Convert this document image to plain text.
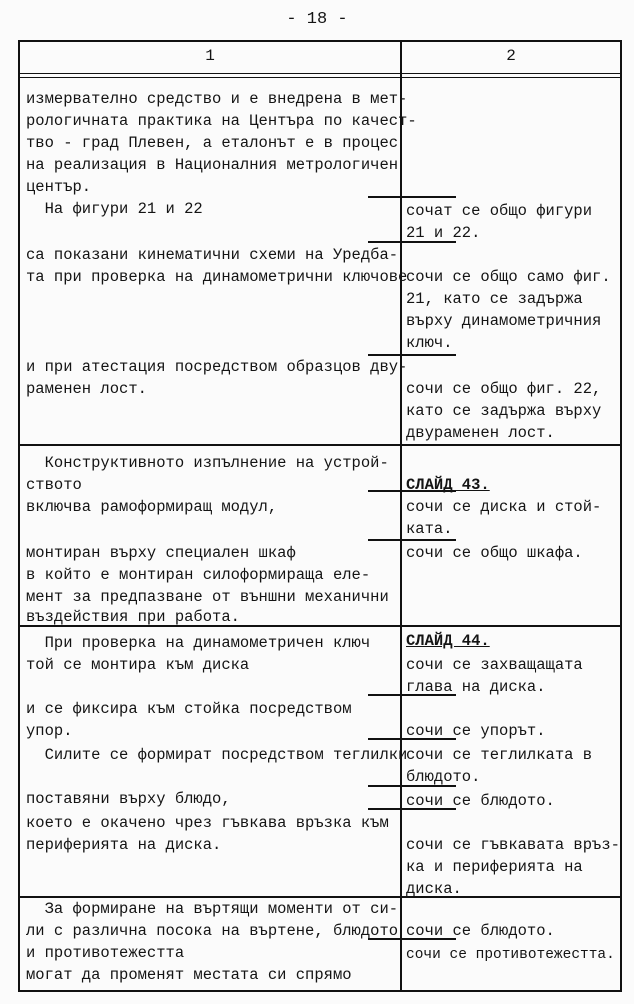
- 18 -
1	2
измервателно средство и е внедрена в мет-
рологичната практика на Центъра по качест-
тво - град Плевен, а еталонът е в процес
на реализация в Националния метрологичен
център.
На фигури 21 и 22
са показани кинематични схеми на Уредба-
та при проверка на динамометрични ключове
и при атестация посредством образцов дву-
раменен лост.
Конструктивното изпълнение на устрой-
ството
включва рамоформиращ модул,
монтиран върху специален шкаф
в който е монтиран силоформираща еле-
мент за предпазване от външни механични
въздействия при работа.
При проверка на динамометричен ключ
той се монтира към диска
и се фиксира към стойка посредством
упор.
Силите се формират посредством теглилки
поставяни върху блюдо,
което е окачено чрез гъвкава връзка към
периферията на диска.
За формиране на въртящи моменти от си-
ли с различна посока на въртене, блюдото
и противотежестта
могат да променят местата си спрямо
сочат се общо фигури
21 и 22.
сочи се общо само фиг.
21, като се задържа
върху динамометричния
ключ.
сочи се общо фиг. 22,
като се задържа върху
двураменен лост.
СЛАЙД 43.
сочи се диска и стой-
ката.
сочи се общо шкафа.
СЛАЙД 44.
сочи се захващащата
глава на диска.
сочи се упорът.
сочи се теглилката в
блюдото.
сочи се блюдото.
сочи се гъвкавата връз-
ка и периферията на
диска.
сочи се блюдото.
сочи се противотежестта.
